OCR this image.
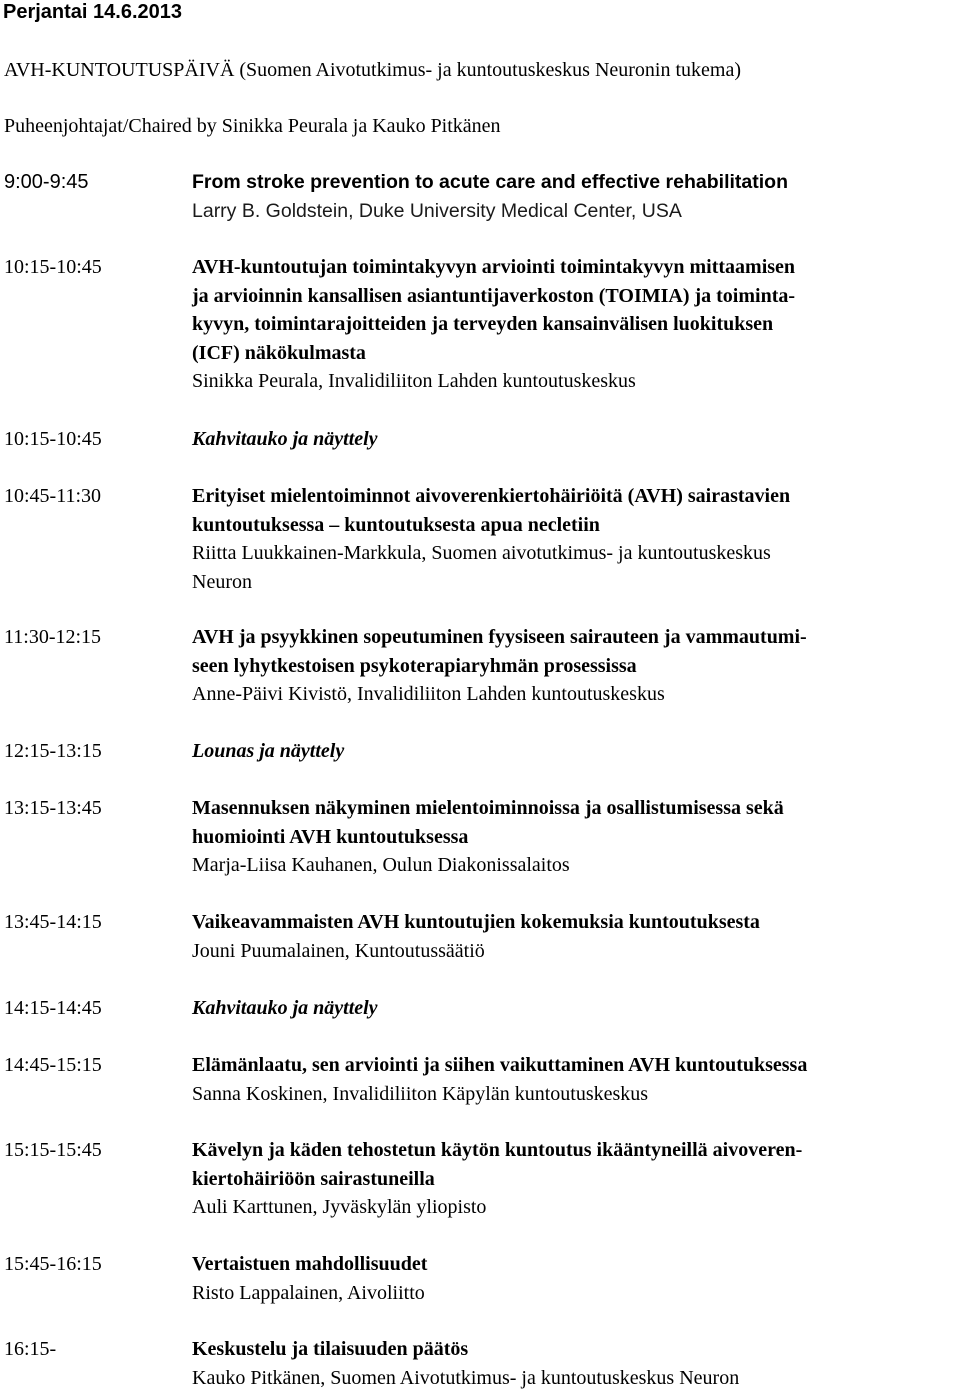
Perjantai 14.6.2013
AVH-KUNTOUTUSPÄIVÄ (Suomen Aivotutkimus- ja kuntoutuskeskus Neuronin tukema)
Puheenjohtajat/Chaired by Sinikka Peurala ja Kauko Pitkänen
9:00-9:45	From stroke prevention to acute care and effective rehabilitation
Larry B. Goldstein, Duke University Medical Center, USA
10:15-10:45	AVH-kuntoutujan toimintakyvyn arviointi toimintakyvyn mittaamisen
ja arvioinnin kansallisen asiantuntijaverkoston (TOIMIA) ja toiminta-
kyvyn, toimintarajoitteiden ja terveyden kansainvälisen luokituksen
(ICF) näkökulmasta
Sinikka Peurala, Invalidiliiton Lahden kuntoutuskeskus
10:15-10:45	Kahvitauko ja näyttely
10:45-11:30	Erityiset mielentoiminnot aivoverenkiertohäiriöitä (AVH) sairastavien
kuntoutuksessa – kuntoutuksesta apua necletiin
Riitta Luukkainen-Markkula, Suomen aivotutkimus- ja kuntoutuskeskus
Neuron
11:30-12:15	AVH ja psyykkinen sopeutuminen fyysiseen sairauteen ja vammautumi-
seen lyhytkestoisen psykoterapiaryhmän prosessissa
Anne-Päivi Kivistö, Invalidiliiton Lahden kuntoutuskeskus
12:15-13:15	Lounas ja näyttely
13:15-13:45	Masennuksen näkyminen mielentoiminnoissa ja osallistumisessa sekä
huomiointi AVH kuntoutuksessa
Marja-Liisa Kauhanen, Oulun Diakonissalaitos
13:45-14:15	Vaikeavammaisten AVH kuntoutujien kokemuksia kuntoutuksesta
Jouni Puumalainen, Kuntoutussäätiö
14:15-14:45	Kahvitauko ja näyttely
14:45-15:15	Elämänlaatu, sen arviointi ja siihen vaikuttaminen AVH kuntoutuksessa
Sanna Koskinen, Invalidiliiton Käpylän kuntoutuskeskus
15:15-15:45	Kävelyn ja käden tehostetun käytön kuntoutus ikääntyneillä aivoveren-
kiertohäiriöön sairastuneilla
Auli Karttunen, Jyväskylän yliopisto
15:45-16:15	Vertaistuen mahdollisuudet
Risto Lappalainen, Aivoliitto
16:15-	Keskustelu ja tilaisuuden päätös
Kauko Pitkänen, Suomen Aivotutkimus- ja kuntoutuskeskus Neuron
